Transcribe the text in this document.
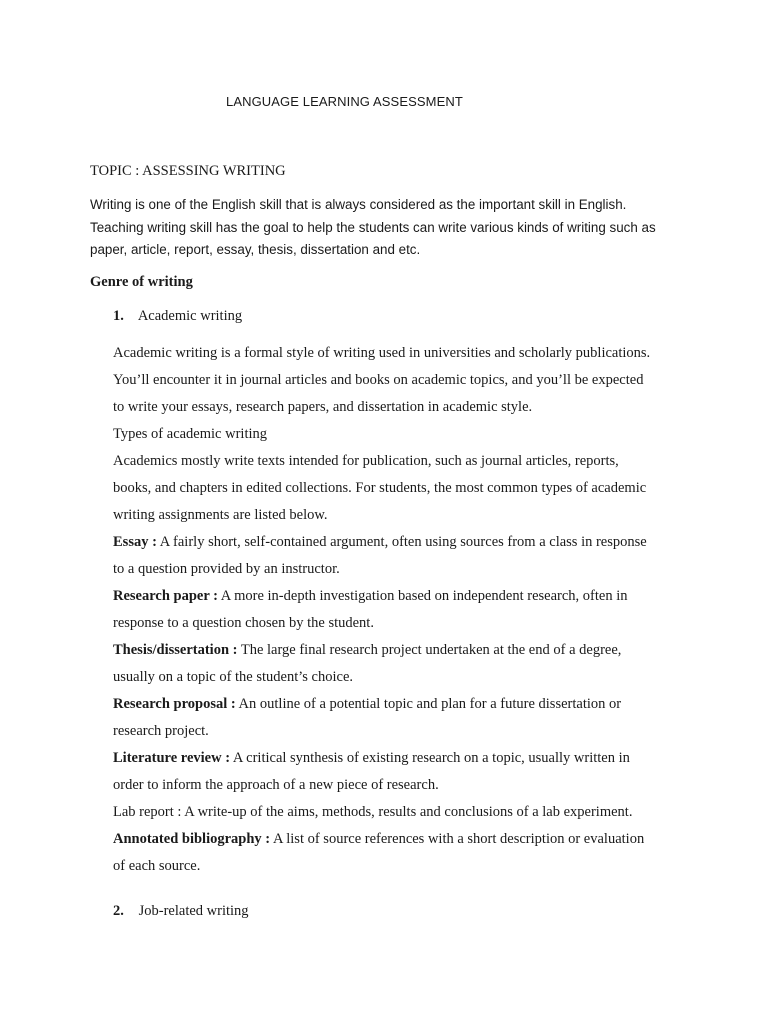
LANGUAGE LEARNING ASSESSMENT
TOPIC : ASSESSING WRITING
Writing is one of the English skill that is always considered as the important skill in English.
Teaching writing skill has the goal to help the students can write various kinds of writing such as
paper, article, report, essay, thesis, dissertation and etc.
Genre of writing
1. Academic writing
Academic writing is a formal style of writing used in universities and scholarly publications.
You’ll encounter it in journal articles and books on academic topics, and you’ll be expected
to write your essays, research papers, and dissertation in academic style.
Types of academic writing
Academics mostly write texts intended for publication, such as journal articles, reports,
books, and chapters in edited collections. For students, the most common types of academic
writing assignments are listed below.
Essay : A fairly short, self-contained argument, often using sources from a class in response
to a question provided by an instructor.
Research paper : A more in-depth investigation based on independent research, often in
response to a question chosen by the student.
Thesis/dissertation : The large final research project undertaken at the end of a degree,
usually on a topic of the student’s choice.
Research proposal : An outline of a potential topic and plan for a future dissertation or
research project.
Literature review : A critical synthesis of existing research on a topic, usually written in
order to inform the approach of a new piece of research.
Lab report : A write-up of the aims, methods, results and conclusions of a lab experiment.
Annotated bibliography : A list of source references with a short description or evaluation
of each source.
2. Job-related writing
